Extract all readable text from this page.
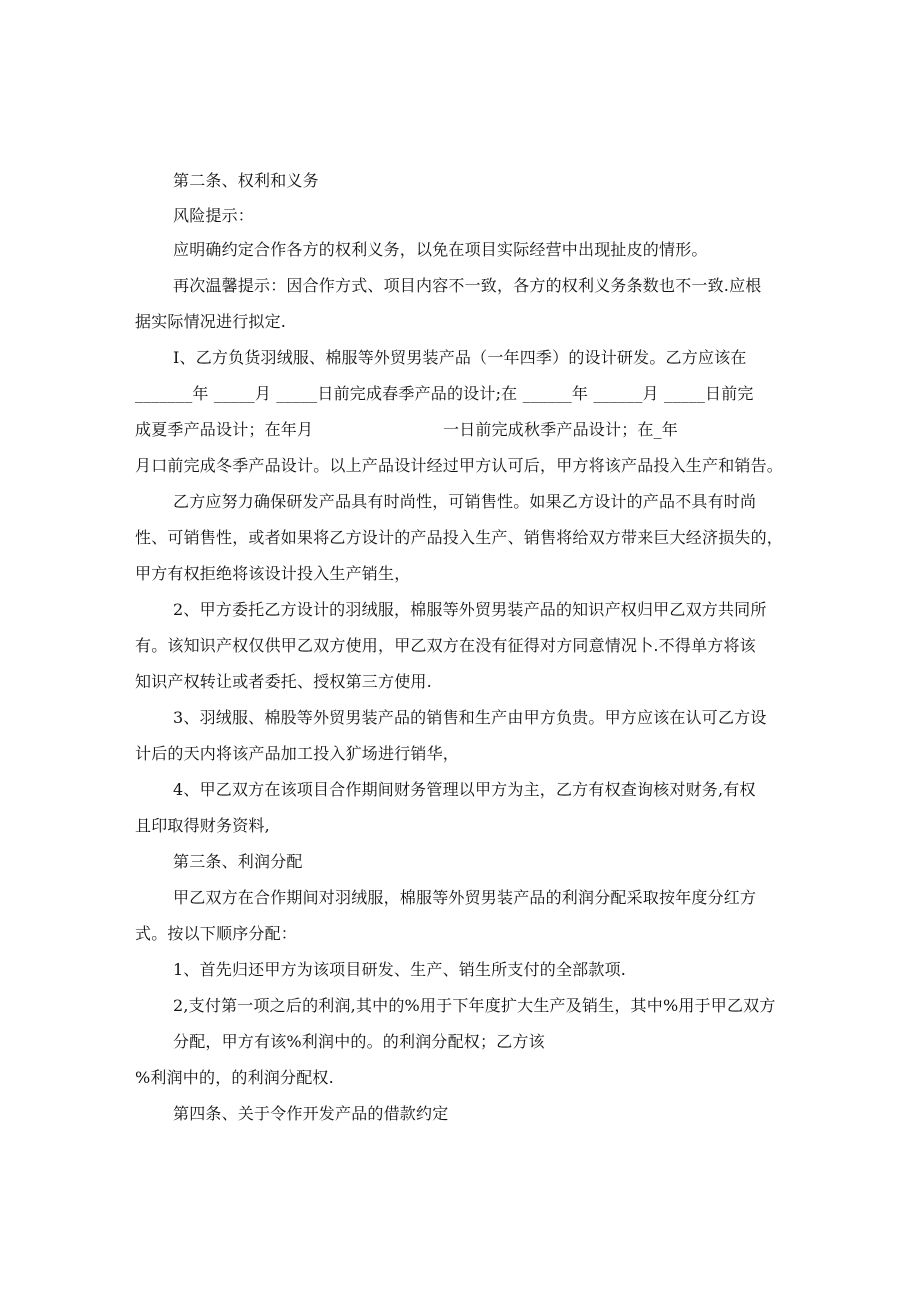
第二条、权利和义务
风险提示：
应明确约定合作各方的权利义务，以免在项目实际经营中出现扯皮的情形。
再次温馨提示：因合作方式、项目内容不一致，各方的权利义务条数也不一致.应根
据实际情况进行拟定.
I、乙方负货羽绒服、棉服等外贸男装产品（一年四季）的设计研发。乙方应该在
_______年 _____月 _____日前完成春季产品的设计;在 ______年 ______月 _____日前完
成夏季产品设计；在年月	一日前完成秋季产品设计；在_年
月口前完成冬季产品设计。以上产品设计经过甲方认可后，甲方将该产品投入生产和销告。
乙方应努力确保研发产品具有时尚性，可销售性。如果乙方设计的产品不具有时尚
性、可销售性，或者如果将乙方设计的产品投入生产、销售将给双方带来巨大经济损失的，
甲方有权拒绝将该设计投入生产销生，
2、甲方委托乙方设计的羽绒服，棉服等外贸男装产品的知识产权归甲乙双方共同所
有。该知识产权仅供甲乙双方使用，甲乙双方在没有征得对方同意情况卜.不得单方将该
知识产权转让或者委托、授权第三方使用.
3、羽绒服、棉股等外贸男装产品的销售和生产由甲方负贵。甲方应该在认可乙方设
计后的天内将该产品加工投入犷场进行销华，
4、甲乙双方在该项目合作期间财务管理以甲方为主，乙方有权查询核对财务,有权
且印取得财务资料,
第三条、利润分配
甲乙双方在合作期间对羽绒服，棉服等外贸男装产品的利润分配采取按年度分红方
式。按以下顺序分配：
1、首先归还甲方为该项目研发、生产、销生所支付的全部款项.
2,支付第一项之后的利润,其中的%用于下年度扩大生产及销生，其中%用于甲乙双方
分配，甲方有该%利润中的。的利润分配权；乙方该
%利润中的，的利润分配权.
第四条、关于令作开发产品的借款约定
